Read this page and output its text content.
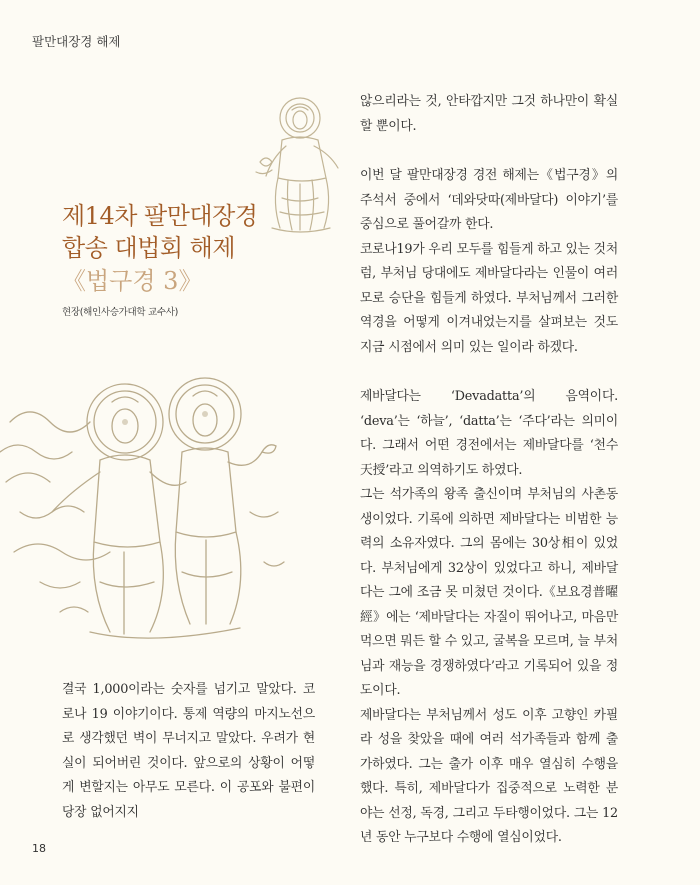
팔만대장경 해제
제14차 팔만대장경
합송 대법회 해제
《법구경 3》
현장(해인사승가대학 교수사)

결국 1,000이라는 숫자를 넘기고 말았다. 코로나 19 이야기이다. 통제 역량의 마지노선으로 생각했던 벽이 무너지고 말았다. 우려가 현실이 되어버린 것이다. 앞으로의 상황이 어떻게 변할지는 아무도 모른다. 이 공포와 불편이 당장 없어지지

않으리라는 것, 안타깝지만 그것 하나만이 확실할 뿐이다.

이번 달 팔만대장경 경전 해제는《법구경》의 주석서 중에서 ‘데와닷따(제바달다) 이야기’를 중심으로 풀어갈까 한다.

코로나19가 우리 모두를 힘들게 하고 있는 것처럼, 부처님 당대에도 제바달다라는 인물이 여러모로 승단을 힘들게 하였다. 부처님께서 그러한 역경을 어떻게 이겨내었는지를 살펴보는 것도 지금 시점에서 의미 있는 일이라 하겠다.

제바달다는 ‘Devadatta’의 음역이다. ‘deva’는 ‘하늘’, ‘datta’는 ‘주다’라는 의미이다. 그래서 어떤 경전에서는 제바달다를 ‘천수天授’라고 의역하기도 하였다.

그는 석가족의 왕족 출신이며 부처님의 사촌동생이었다. 기록에 의하면 제바달다는 비범한 능력의 소유자였다. 그의 몸에는 30상相이 있었다. 부처님에게 32상이 있었다고 하니, 제바달다는 그에 조금 못 미쳤던 것이다.《보요경普曜經》에는 ‘제바달다는 자질이 뛰어나고, 마음만 먹으면 뭐든 할 수 있고, 굴복을 모르며, 늘 부처님과 재능을 경쟁하였다’라고 기록되어 있을 정도이다.

제바달다는 부처님께서 성도 이후 고향인 카필라 성을 찾았을 때에 여러 석가족들과 함께 출가하였다. 그는 출가 이후 매우 열심히 수행을 했다. 특히, 제바달다가 집중적으로 노력한 분야는 선정, 독경, 그리고 두타행이었다. 그는 12년 동안 누구보다 수행에 열심이었다.

18
